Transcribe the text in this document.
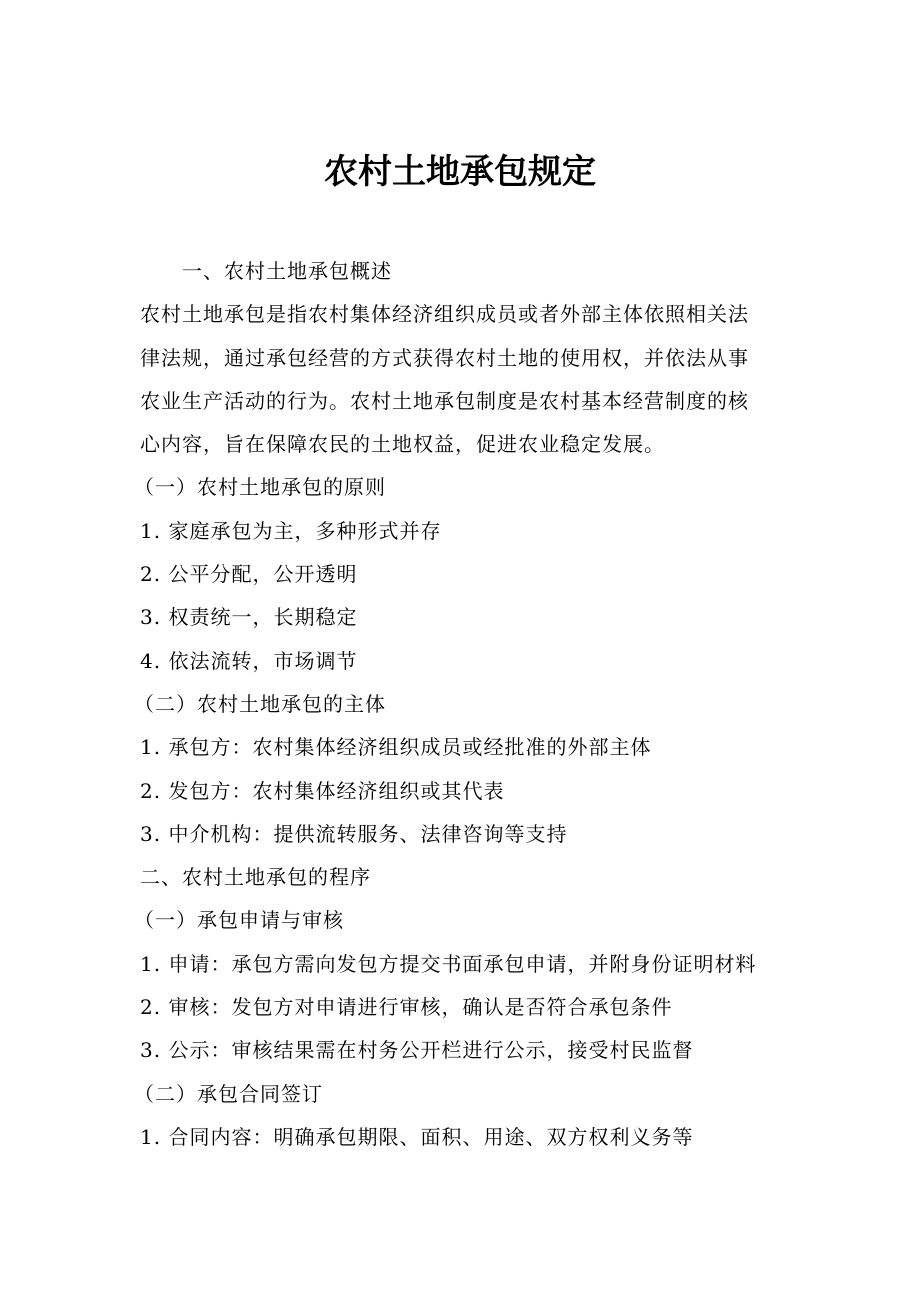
农村土地承包规定
一、农村土地承包概述
农村土地承包是指农村集体经济组织成员或者外部主体依照相关法
律法规，通过承包经营的方式获得农村土地的使用权，并依法从事
农业生产活动的行为。农村土地承包制度是农村基本经营制度的核
心内容，旨在保障农民的土地权益，促进农业稳定发展。
（一）农村土地承包的原则
1. 家庭承包为主，多种形式并存
2. 公平分配，公开透明
3. 权责统一，长期稳定
4. 依法流转，市场调节
（二）农村土地承包的主体
1. 承包方：农村集体经济组织成员或经批准的外部主体
2. 发包方：农村集体经济组织或其代表
3. 中介机构：提供流转服务、法律咨询等支持
二、农村土地承包的程序
（一）承包申请与审核
1. 申请：承包方需向发包方提交书面承包申请，并附身份证明材料
2. 审核：发包方对申请进行审核，确认是否符合承包条件
3. 公示：审核结果需在村务公开栏进行公示，接受村民监督
（二）承包合同签订
1. 合同内容：明确承包期限、面积、用途、双方权利义务等
